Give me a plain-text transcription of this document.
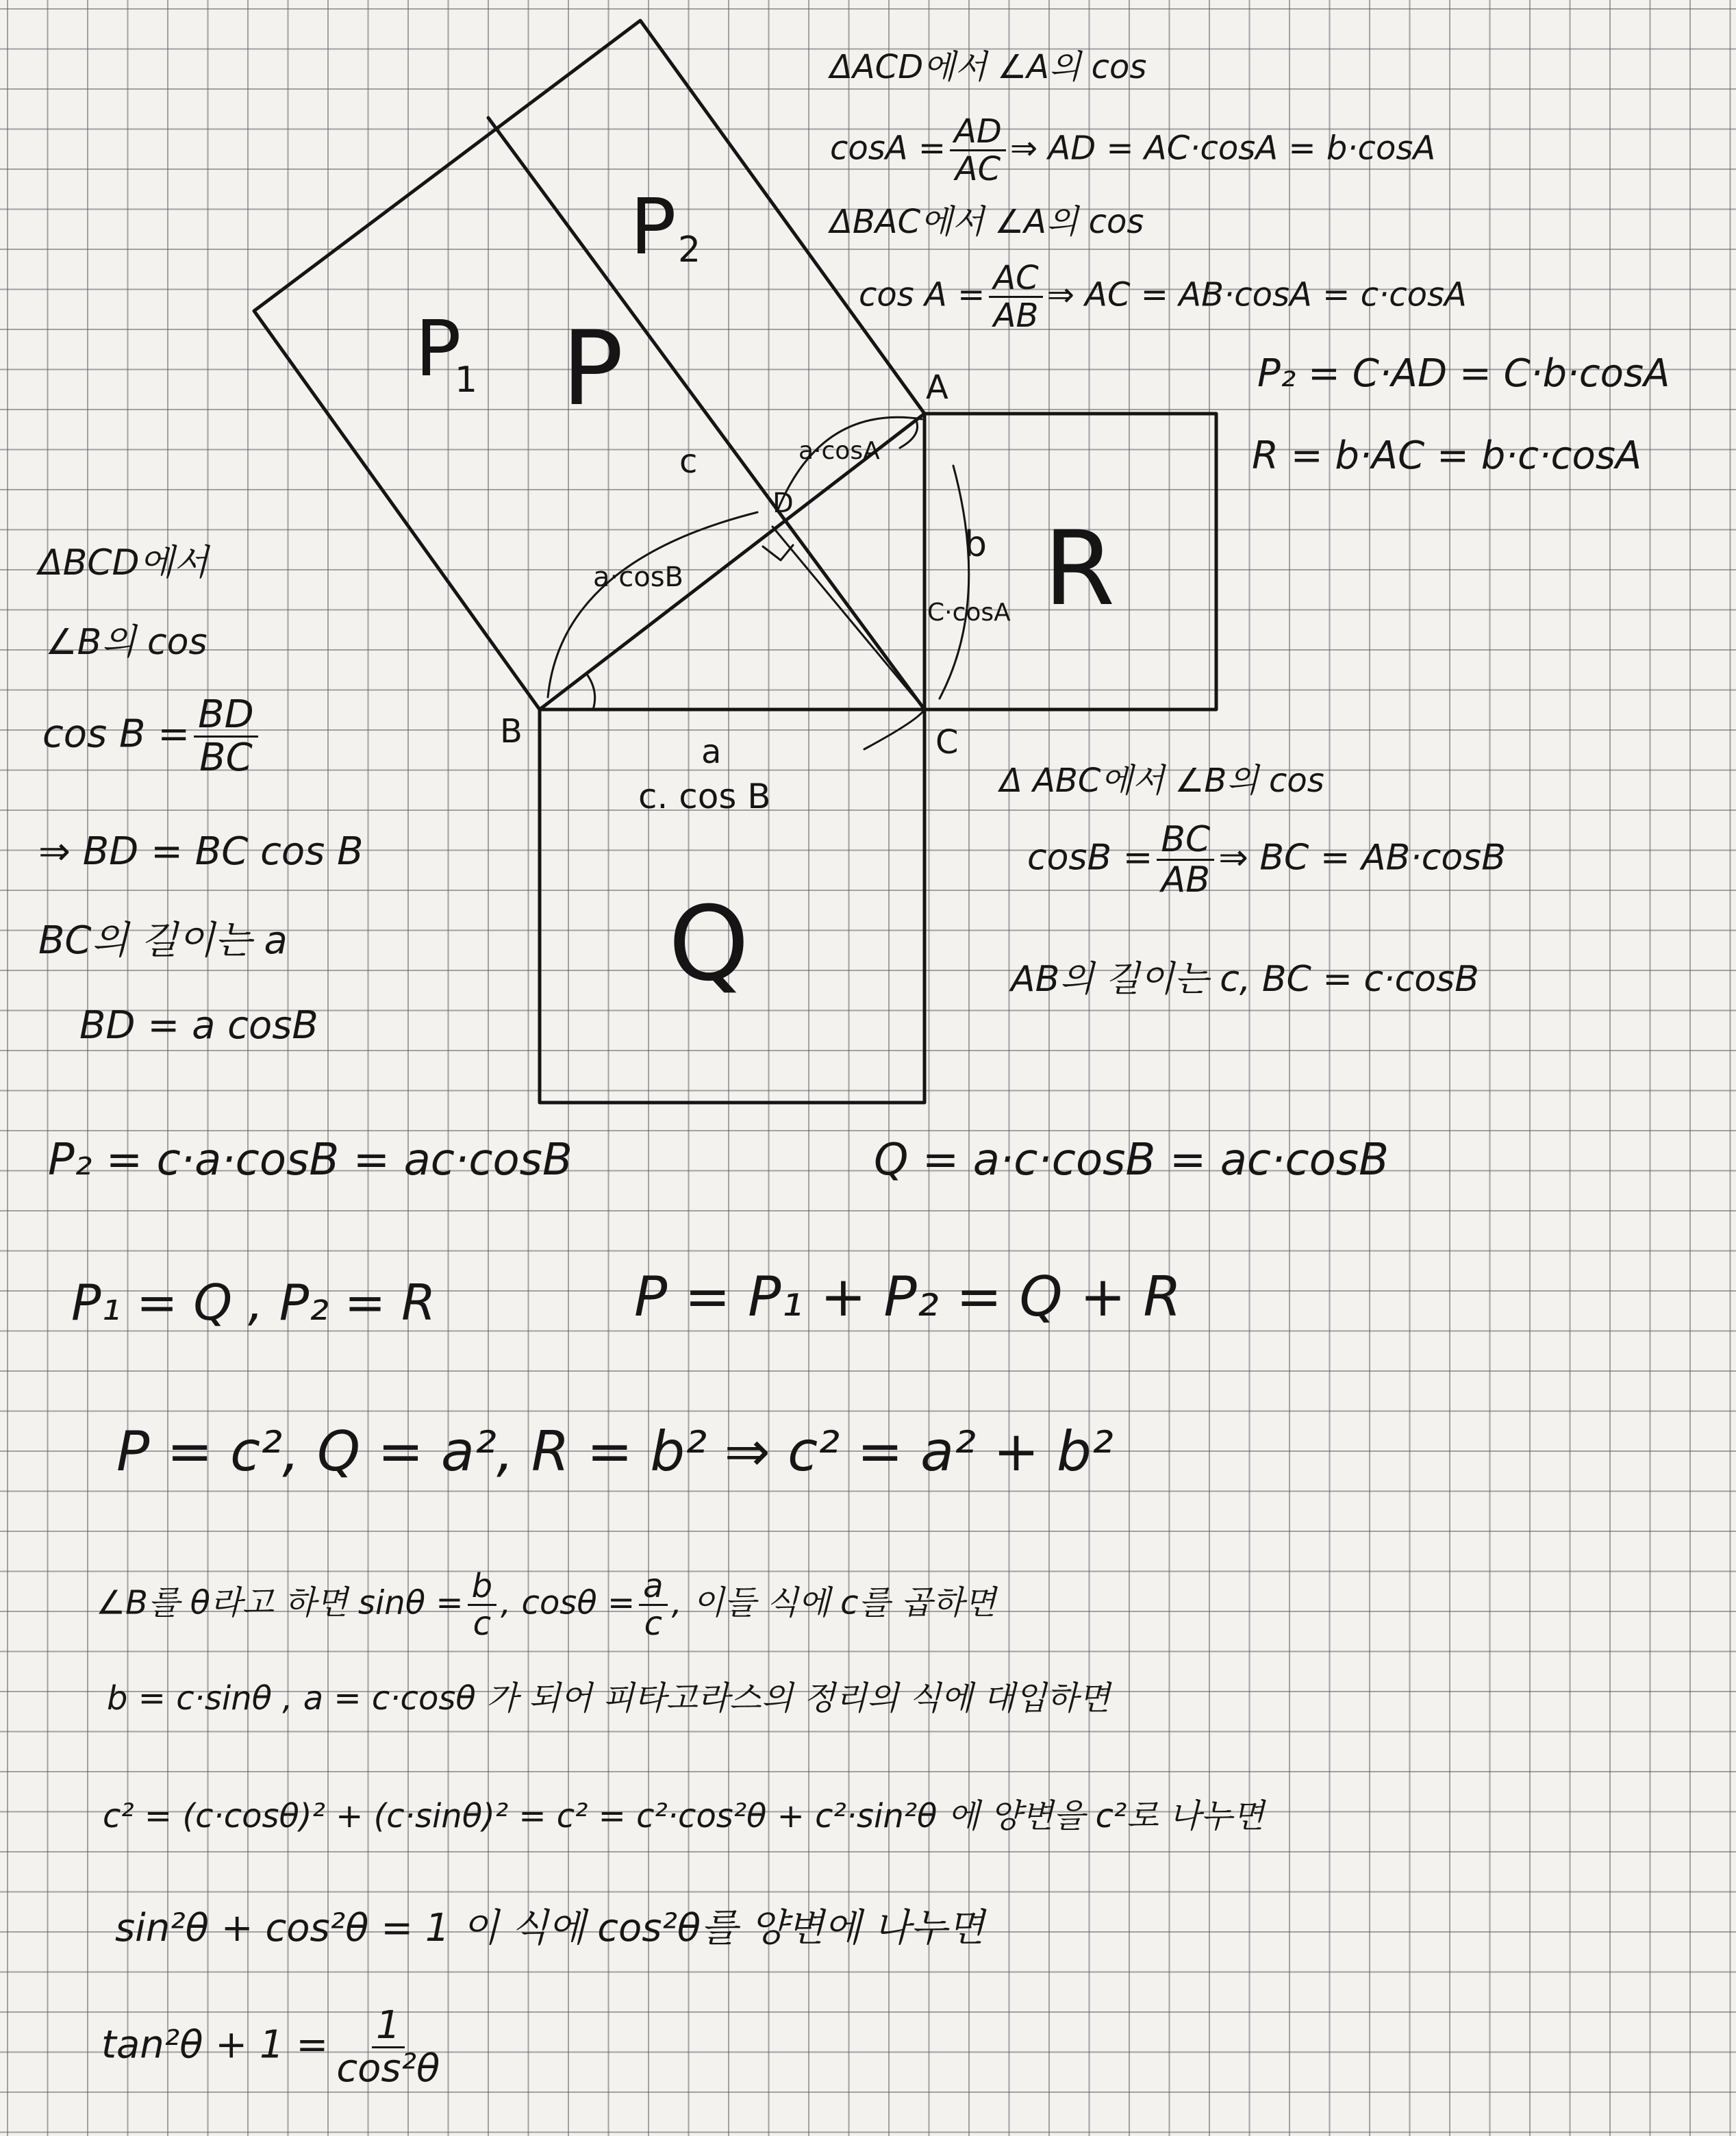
A
B	C
D
P
P
1
P 2
R
Q
c
a
b
a·cosA
a·cosB
C·cosA
c. cos B

ΔACD에서 ∠A의 cos

$\cos A = \frac{AD}{AC}$ ⇒ AD = AC·cosA = b·cosA

ΔBAC에서 ∠A의 cos

$\cos A = \frac{AC}{AB}$ ⇒ AC = AB·cosA = c·cosA

P₂ = C·AD = C·b·cosA

R = b·AC = b·c·cosA

ΔBCD에서

∠B의 cos

$\cos B = \frac{BD}{BC}$

⇒ BD = BC cos B

BC의 길이는 a

BD = a cosB

Δ ABC에서 ∠B의 cos

$\cos B = \frac{BC}{AB}$ ⇒ BC = AB·cosB

AB의 길이는 c, BC = c·cosB

P₂ = c·a·cosB = ac·cosB	Q = a·c·cosB = ac·cosB

P₁ = Q , P₂ = R	P = P₁ + P₂ = Q + R

P = c², Q = a², R = b² ⇒ c² = a² + b²

∠B를 θ라고 하면 $\sin\theta = \frac{b}{c}$ , $\cos\theta = \frac{a}{c}$ , 이들 식에 c를 곱하면

b = c·sinθ , a = c·cosθ 가 되어 피타고라스의 정리의 식에 대입하면

c² = (c·cosθ)² + (c·sinθ)² = c² = c²·cos²θ + c²·sin²θ 에 양변을 c²로 나누면

sin²θ + cos²θ = 1 이 식에 cos²θ를 양변에 나누면

$\tan^2\theta + 1 = \frac{1}{\text{cos²θ}}$
